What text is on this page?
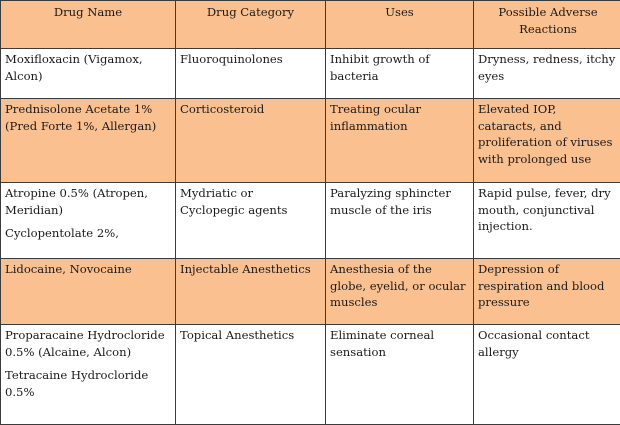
Drug Name	Drug Category	Uses	Possible Adverse Reactions

Moxifloxacin (Vigamox, Alcon)	Fluoroquinolones	Inhibit growth of bacteria	Dryness, redness, itchy eyes

Prednisolone Acetate 1% (Pred Forte 1%, Allergan)	Corticosteroid	Treating ocular inflammation	Elevated IOP, cataracts, and proliferation of viruses with prolonged use

Atropine 0.5% (Atropen, Meridian)
Cyclopentolate 2%,	Mydriatic or Cyclopegic agents	Paralyzing sphincter muscle of the iris	Rapid pulse, fever, dry mouth, conjunctival injection.

Lidocaine, Novocaine	Injectable Anesthetics	Anesthesia of the globe, eyelid, or ocular muscles	Depression of respiration and blood pressure

Proparacaine Hydrocloride 0.5% (Alcaine, Alcon)
Tetracaine Hydrocloride 0.5%	Topical Anesthetics	Eliminate corneal sensation	Occasional contact allergy
